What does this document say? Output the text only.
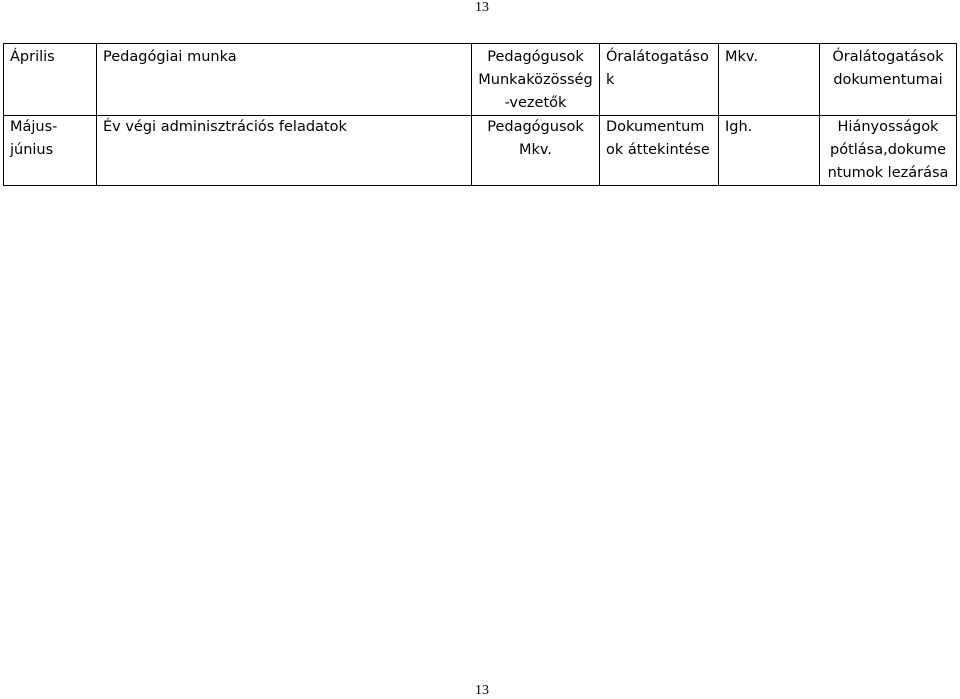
13
Április	Pedagógiai munka	Pedagógusok Munkaközösség-vezetők	Óralátogatások	Mkv.	Óralátogatások dokumentumai
Május-június	Év végi adminisztrációs feladatok	Pedagógusok Mkv.	Dokumentumok áttekintése	Igh.	Hiányosságok pótlása,dokumentumok lezárása
13
